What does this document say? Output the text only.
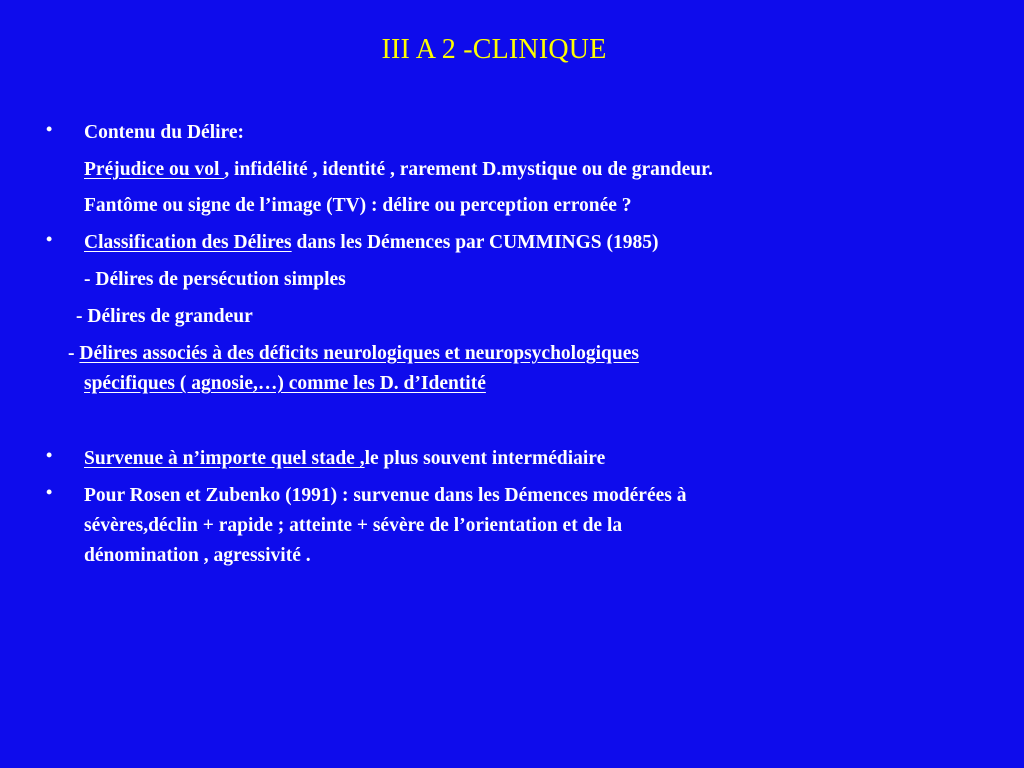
III A 2 -CLINIQUE
• Contenu du Délire:
Préjudice ou vol , infidélité , identité , rarement D.mystique ou de grandeur.
Fantôme ou signe de l’image (TV) : délire ou perception erronée ?
• Classification des Délires dans les Démences par CUMMINGS (1985)
- Délires de persécution simples
- Délires de grandeur
- Délires associés à des déficits neurologiques et neuropsychologiques
spécifiques ( agnosie,…) comme les D. d’Identité
• Survenue à n’importe quel stade ,le plus souvent intermédiaire
• Pour Rosen et Zubenko (1991) : survenue dans les Démences modérées à
sévères,déclin + rapide ; atteinte + sévère de l’orientation et de la
dénomination , agressivité .
